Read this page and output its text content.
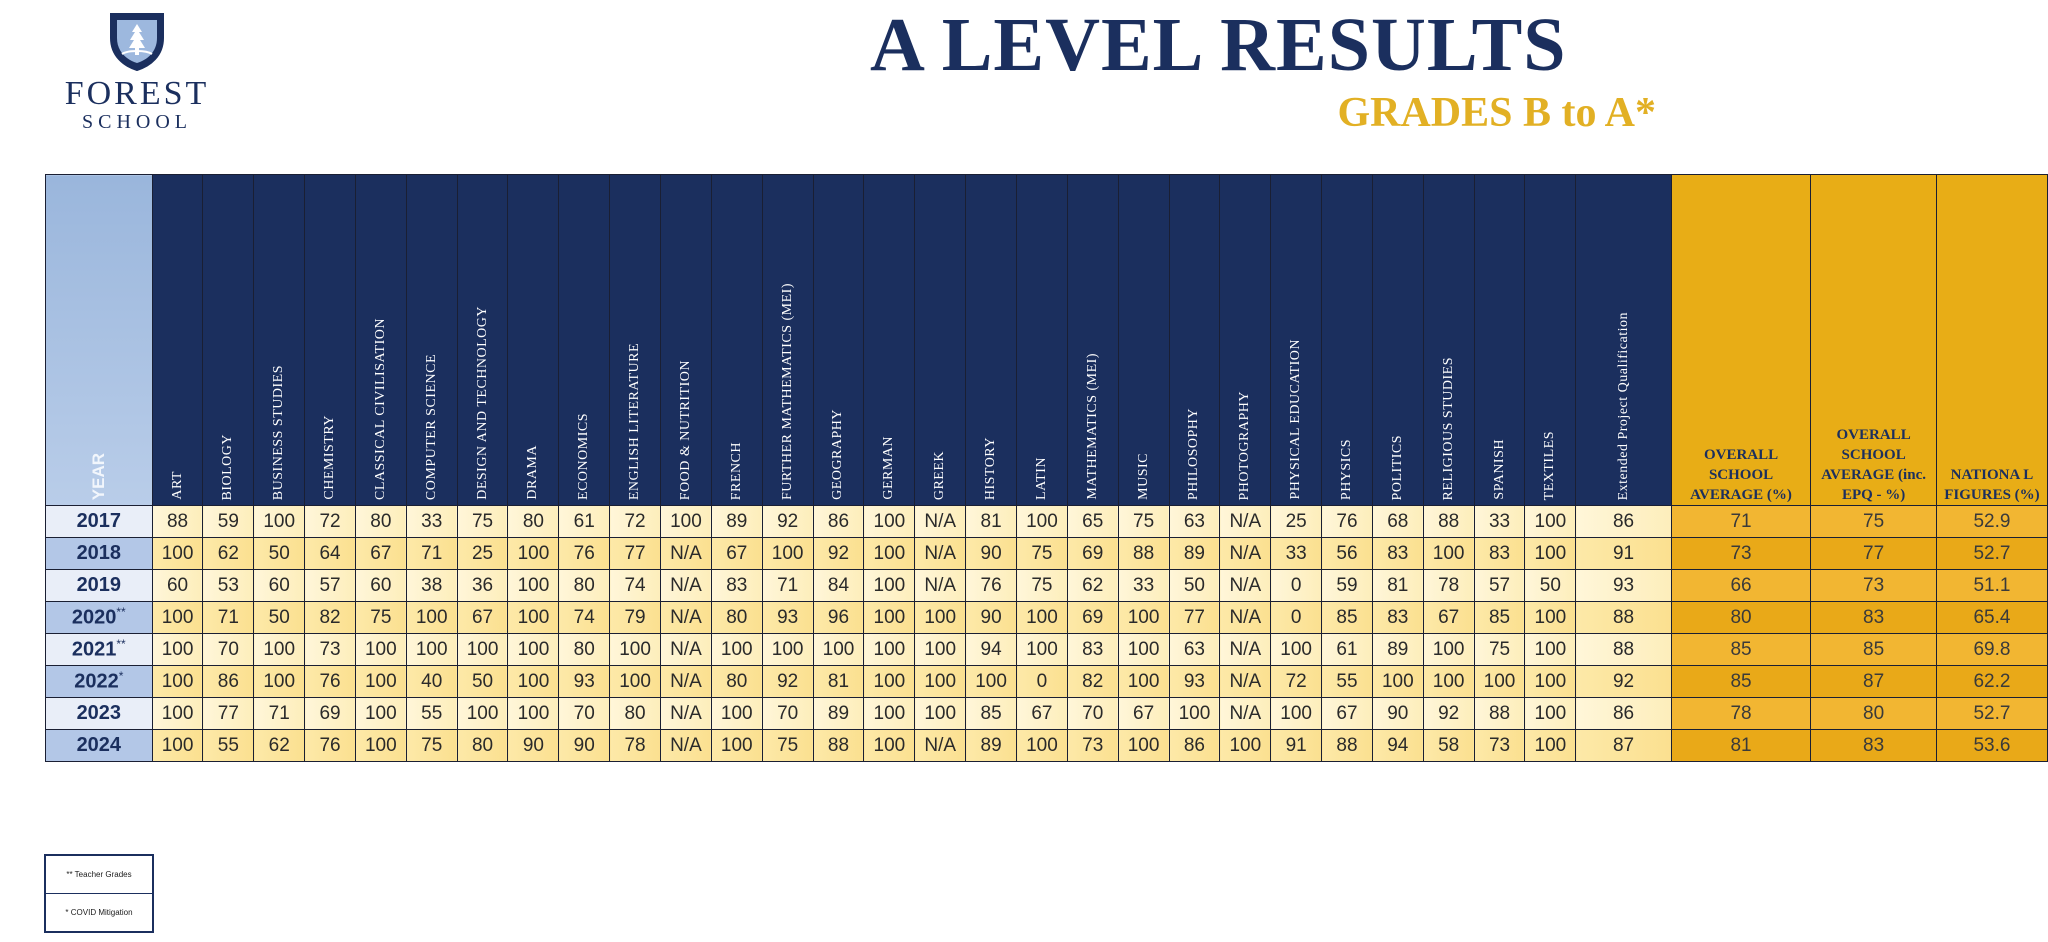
FOREST
SCHOOL
A LEVEL RESULTS
GRADES B to A*
YEAR	ART	BIOLOGY	BUSINESS STUDIES	CHEMISTRY	CLASSICAL CIVILISATION	COMPUTER SCIENCE	DESIGN AND TECHNOLOGY	DRAMA	ECONOMICS	ENGLISH LITERATURE	FOOD & NUTRITION	FRENCH	FURTHER MATHEMATICS (MEI)	GEOGRAPHY	GERMAN	GREEK	HISTORY	LATIN	MATHEMATICS (MEI)	MUSIC	PHILOSOPHY	PHOTOGRAPHY	PHYSICAL EDUCATION	PHYSICS	POLITICS	RELIGIOUS STUDIES	SPANISH	TEXTILES	Extended Project Qualification	OVERALL SCHOOL AVERAGE (%)	OVERALL SCHOOL AVERAGE (inc. EPQ - %)	NATIONA L FIGURES (%)
2017	88	59	100	72	80	33	75	80	61	72	100	89	92	86	100	N/A	81	100	65	75	63	N/A	25	76	68	88	33	100	86	71	75	52.9
2018	100	62	50	64	67	71	25	100	76	77	N/A	67	100	92	100	N/A	90	75	69	88	89	N/A	33	56	83	100	83	100	91	73	77	52.7
2019	60	53	60	57	60	38	36	100	80	74	N/A	83	71	84	100	N/A	76	75	62	33	50	N/A	0	59	81	78	57	50	93	66	73	51.1
2020**	100	71	50	82	75	100	67	100	74	79	N/A	80	93	96	100	100	90	100	69	100	77	N/A	0	85	83	67	85	100	88	80	83	65.4
2021**	100	70	100	73	100	100	100	100	80	100	N/A	100	100	100	100	100	94	100	83	100	63	N/A	100	61	89	100	75	100	88	85	85	69.8
2022*	100	86	100	76	100	40	50	100	93	100	N/A	80	92	81	100	100	100	0	82	100	93	N/A	72	55	100	100	100	100	92	85	87	62.2
2023	100	77	71	69	100	55	100	100	70	80	N/A	100	70	89	100	100	85	67	70	67	100	N/A	100	67	90	92	88	100	86	78	80	52.7
2024	100	55	62	76	100	75	80	90	90	78	N/A	100	75	88	100	N/A	89	100	73	100	86	100	91	88	94	58	73	100	87	81	83	53.6
** Teacher Grades
* COVID Mitigation
